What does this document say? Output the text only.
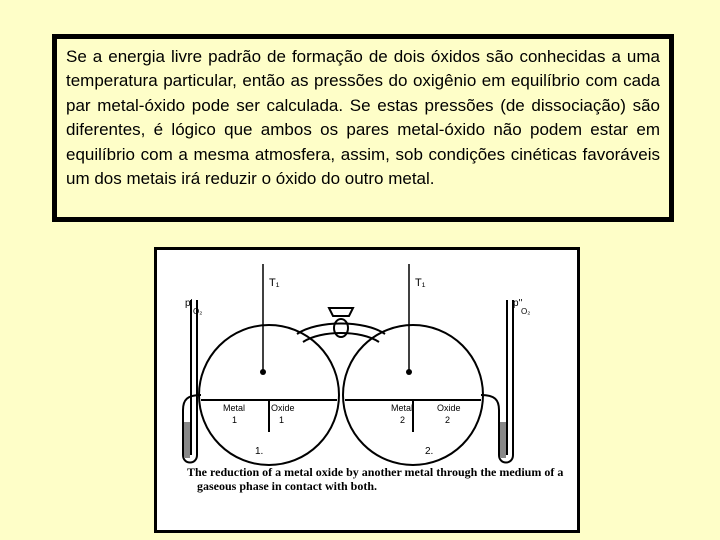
Se a energia livre padrão de formação de dois óxidos são conhecidas a uma temperatura particular, então as pressões do oxigênio em equilíbrio com cada par metal-óxido pode ser calculada. Se estas pressões (de dissociação) são diferentes, é lógico que ambos os pares metal-óxido não podem estar em equilíbrio com a mesma atmosfera, assim, sob condições cinéticas favoráveis um dos metais irá reduzir o óxido do outro metal.

T₁	T₁
p'
O₂
p''
O₂
Metal
1
Oxide
1
Metal
2
Oxide
2
1.	2.
The reduction of a metal oxide by another metal through the medium of a
gaseous phase in contact with both.
